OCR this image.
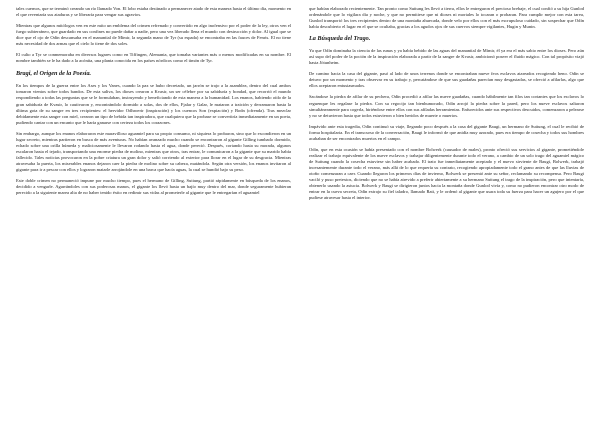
tales cuernos, que se terminó creando un río llamado Von. El lobo estaba destinado a permanecer atado de esta manera hasta el último día, momento en el que reventaría sus ataduras y se liberaría para vengar sus agravios.

Mientras que algunos mitólogos ven en este mito un emblema del crimen refrenado y convertido en algo inofensivo por el poder de la ley, otros ven el fuego subterráneo, que guardado en sus confines no puede dañar a nadie, pero una vez liberado llena el mundo con destrucción y dolor. Al igual que se dice que el ojo de Odín descansaba en el manantial de Mímir, la segunda mano de Tyr (su espada) se encontraba en las fauces de Fenris. El no tiene más necesidad de dos armas que el cielo lo tiene de dos soles.

El culto a Tyr se conmemoraba en diversos lugares como en Tiffingen, Alemania, que tomaba variantes más o menos modificadas en su nombre. El nombre también se le ha dado a la acónita, una planta conocida en los países nórdicos como el timón de Tyr.

Bragi, el Origen de la Poesía.

En los tiempos de la guerra entre los Ases y los Vanes, cuando la paz se hubo decretado, un jarrón se trajo a la asamblea, dentro del cual ambos tomaron vientos sobre todos bandos. De esta saliva, los dioses crearon a Kvasir, un ser célebre por su sabiduría y bondad, que recorrió el mundo respondiendo a todas las preguntas que se le formulaban, instruyendo y beneficiando de esta manera a la humanidad. Los enanos, habiendo oído de la gran sabiduría de Kvasir, lo cautivaron y, encontrándolo dormido a solas, dos de ellos, Fjalar y Galar, le mataron a traición y derramaron hasta la última gota de su sangre en tres recipientes: el hervidor Odhroerir (inspiración) y los cuencos Son (expiación) y Bodn (ofrenda). Tras mezclar debidamente esta sangre con miel, crearon un tipo de bebida tan inspiradora, que cualquiera que la probase se convertiría inmediatamente en un poeta, pudiendo cantar con un encanto que le haría ganarse con certeza todos los corazones.

Sin embargo, aunque los enanos elaboraron este maravilloso aguamiel para su propio consumo, ni siquiera lo probaron, sino que lo escondieron en un lugar secreto, mientras partieron en busca de más aventuras. No habían avanzado mucho cuando se encontraron al gigante Gilling tumbado dormido, echado sobre una orilla húmeda y maliciosamente le llevaron rodando hasta el agua, donde pereció. Después, cortando hasta su morada, algunos escalaron hasta el tejado, transportando una enorme piedra de molino, mientras que otros, tras entrar, le comunicaron a la gigante que su marido había fallecido. Tales noticias provocaron en la pobre criatura un gran dolor y salió corriendo al exterior para llorar en el lugar de su desgracia. Mientras atravesaba la puerta, los miserables enanos dejaron caer la piedra de molino sobre su cabeza, matándola. Según otra versión, los enanos invitaron al gigante para ir a pescar con ellos y lograron matarle arrojándole en una barca que hacía aguas, la cual se hundió bajo su peso.

Este doble crimen no permaneció impune por mucho tiempo, pues el hermano de Gilling, Suttung, partió rápidamente en búsqueda de los enanos, decidido a vengarle. Agarrándoles con sus poderosas manos, el gigante los llevó hasta un bajío muy dentro del mar, donde seguramente hubieran perecido a la siguiente marea alta de no haber tenido éxito en redimir sus vidas al prometerle al gigante que le entregarían el aguamiel

que habían elaborado recientemente. Tan pronto como Suttung les llevó a tierra, ellos le entregaron el precioso brebaje, el cual confió a su hija Gunlod ordenándole que lo vigilara día y noche, y que no permitiese que ni dioses ni mortales lo tocaran o probaran. Para cumplir mejor con esta tarea, Gunlod transportó los tres recipientes dentro de una montaña ahuecada, donde velo por ellos con el más escrupuloso cuidado, sin sospechar que Odín había descubierto el lugar en el que se ocultaba, gracias a los agudos ojos de sus cuervos siempre vigilantes, Hugin y Munin.

La Búsqueda del Trago.

Ya que Odín dominaba la ciencia de las runas y ya había bebido de las aguas del manantial de Mímir, él ya era el más sabio entre los dioses. Pero aún así supo del poder de la poción de la inspiración elaborada a partir de la sangre de Kvasir, ambicionó poseer el fluido mágico. Con tal propósito viajó hasta Jötunheim.

De camino hacia la casa del gigante, pasó al lado de unos terrenos donde se encontraban nueve feos esclavos atareados recogiendo heno. Odín se detuvo por un momento y tras observar en su trabajo y, percatándose de que sus guadañas parecían muy desgastadas, se ofreció a afilarlas, algo que ellos aceptaron entusiasmados.

Sacándose la piedra de afilar de su pechera, Odín procedió a afilar las nueve guadañas, cuando hábilmente tan filos tan cortantes que los esclavos lo reguenque les regalase la piedra. Con su regocijo tan bienhumorado, Odín arrojó la piedra sobre la pared, pero los nueve esclavos saltaron simultáneamente para cogerla, hiriéndose entre ellos con sus afiladas herramientas. Enfurecidos ante sus respectivos descuidos, comenzaron a pelearse y no se detuvieron hasta que todos estuvieron o bien heridos de muerte o muertos.

Impávido ante esta tragedia, Odín continuó su viaje, llegando poco después a la casa del gigante Baugi, un hermano de Suttung, el cual le recibió de forma hospitalaria. En el transcurso de la conversación, Baugi le informó de que anidía muy azorado, pues era tiempo de cosecha y todos sus hombres acababan de ser encontrados muertos en el campo.

Odín, que en esta ocasión se había presentado con el nombre Bolwerk (causador de males), pronto ofreció sus servicios al gigante, prometiéndole realizar el trabajo equivalente de los nueve esclavos y trabajar diligentemente durante todo el verano, a cambio de un solo trago del aguamiel mágico de Suttung cuando la cosecha estuviese sin haber acabado. El trato fue inmediatamente aceptado y el nuevo sirviente de Baugi, Bolwerk, trabajó incesantemente durante todo el verano, más allá de lo que requería su contrato, recogiendo apropiadamente todo el grano antes de que las lluvias de otoño comenzaran a caer. Cuando llegaron los primeros días de invierno, Bolwerk se presentó ante su señor, reclamando su recompensa. Pero Baugi vaciló y puso pretextos, diciendo que no se había atrevido a preferir abiertamente a su hermano Suttung el trago de la inspiración, pero que intentaría, obtenerlo usando la astucia. Bolwerk y Baugi se dirigieron juntos hacia la montaña donde Gunlod vivía y, como no pudieron encontrar otro modo de entrar en la cueva secreta, Odín extrajo su fiel taladro, llamado Rati, y le ordenó al gigante que usara toda su fuerza para hacer un agujero por el que pudiese atravesar hasta el interior.
